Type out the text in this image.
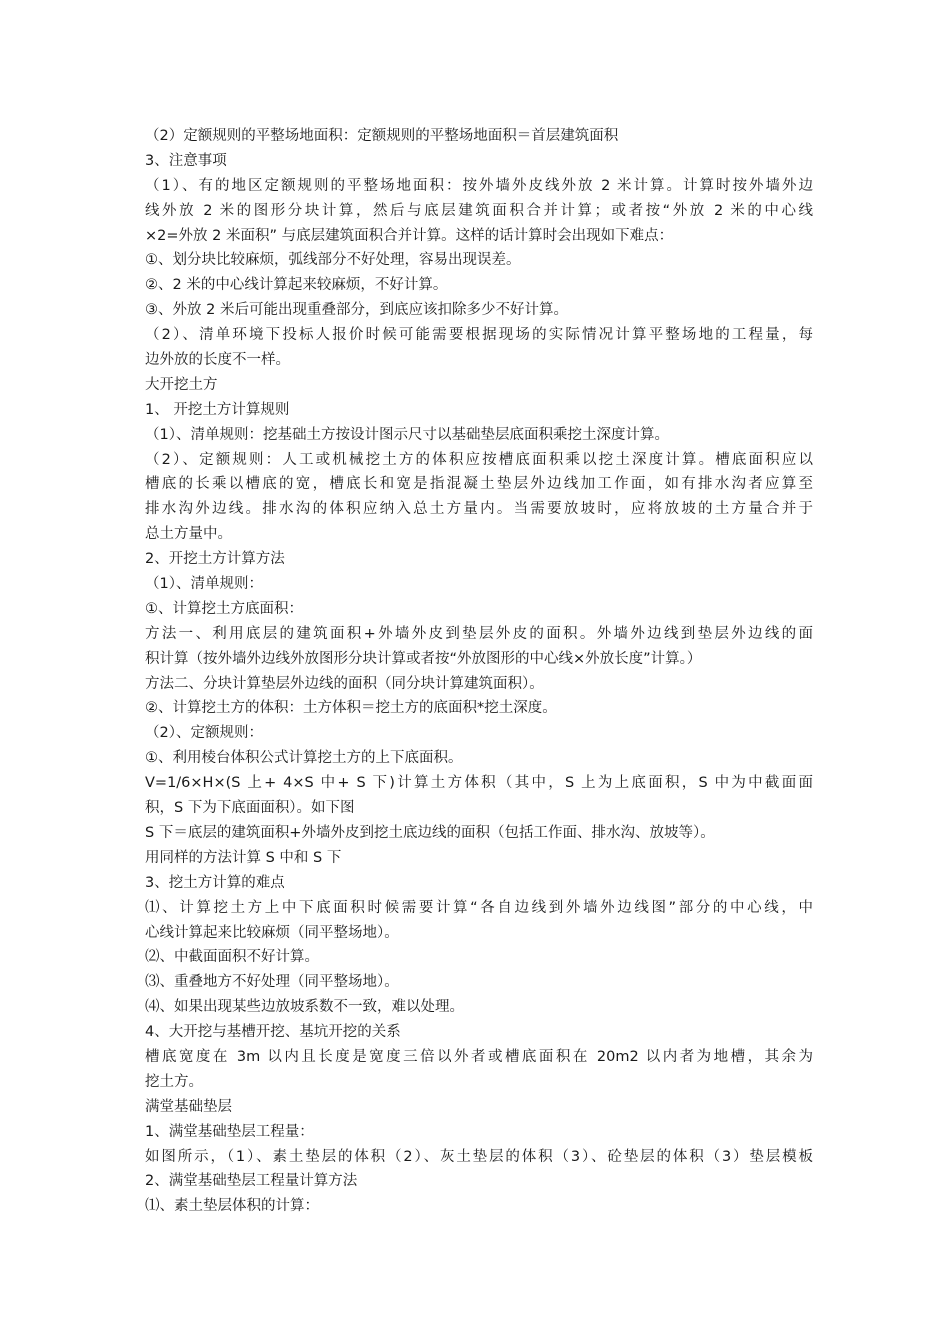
（2）定额规则的平整场地面积：定额规则的平整场地面积＝首层建筑面积
3、注意事项
（1）、有的地区定额规则的平整场地面积：按外墙外皮线外放 2 米计算。计算时按外墙外边
线外放 2 米的图形分块计算，然后与底层建筑面积合并计算；或者按“外放 2 米的中心线
×2=外放 2 米面积” 与底层建筑面积合并计算。这样的话计算时会出现如下难点：
①、划分块比较麻烦，弧线部分不好处理，容易出现误差。
②、2 米的中心线计算起来较麻烦，不好计算。
③、外放 2 米后可能出现重叠部分，到底应该扣除多少不好计算。
（2）、清单环境下投标人报价时候可能需要根据现场的实际情况计算平整场地的工程量，每
边外放的长度不一样。
大开挖土方
1、 开挖土方计算规则
（1）、清单规则：挖基础土方按设计图示尺寸以基础垫层底面积乘挖土深度计算。
（2）、定额规则：人工或机械挖土方的体积应按槽底面积乘以挖土深度计算。槽底面积应以
槽底的长乘以槽底的宽，槽底长和宽是指混凝土垫层外边线加工作面，如有排水沟者应算至
排水沟外边线。排水沟的体积应纳入总土方量内。当需要放坡时，应将放坡的土方量合并于
总土方量中。
2、开挖土方计算方法
（1）、清单规则：
①、计算挖土方底面积：
方法一、利用底层的建筑面积+外墙外皮到垫层外皮的面积。外墙外边线到垫层外边线的面
积计算（按外墙外边线外放图形分块计算或者按“外放图形的中心线×外放长度”计算。）
方法二、分块计算垫层外边线的面积（同分块计算建筑面积）。
②、计算挖土方的体积：土方体积＝挖土方的底面积*挖土深度。
（2）、定额规则：
①、利用棱台体积公式计算挖土方的上下底面积。
V=1/6×H×(S 上+ 4×S 中+ S 下)计算土方体积（其中，S 上为上底面积，S 中为中截面面
积，S 下为下底面面积）。如下图
S 下＝底层的建筑面积+外墙外皮到挖土底边线的面积（包括工作面、排水沟、放坡等）。
用同样的方法计算 S 中和 S 下
3、挖土方计算的难点
⑴、计算挖土方上中下底面积时候需要计算“各自边线到外墙外边线图”部分的中心线，中
心线计算起来比较麻烦（同平整场地）。
⑵、中截面面积不好计算。
⑶、重叠地方不好处理（同平整场地）。
⑷、如果出现某些边放坡系数不一致，难以处理。
4、大开挖与基槽开挖、基坑开挖的关系
槽底宽度在 3m 以内且长度是宽度三倍以外者或槽底面积在 20m2 以内者为地槽，其余为
挖土方。
满堂基础垫层
1、满堂基础垫层工程量：
如图所示，（1）、素土垫层的体积（2）、灰土垫层的体积（3）、砼垫层的体积（3）垫层模板
2、满堂基础垫层工程量计算方法
⑴、素土垫层体积的计算：
